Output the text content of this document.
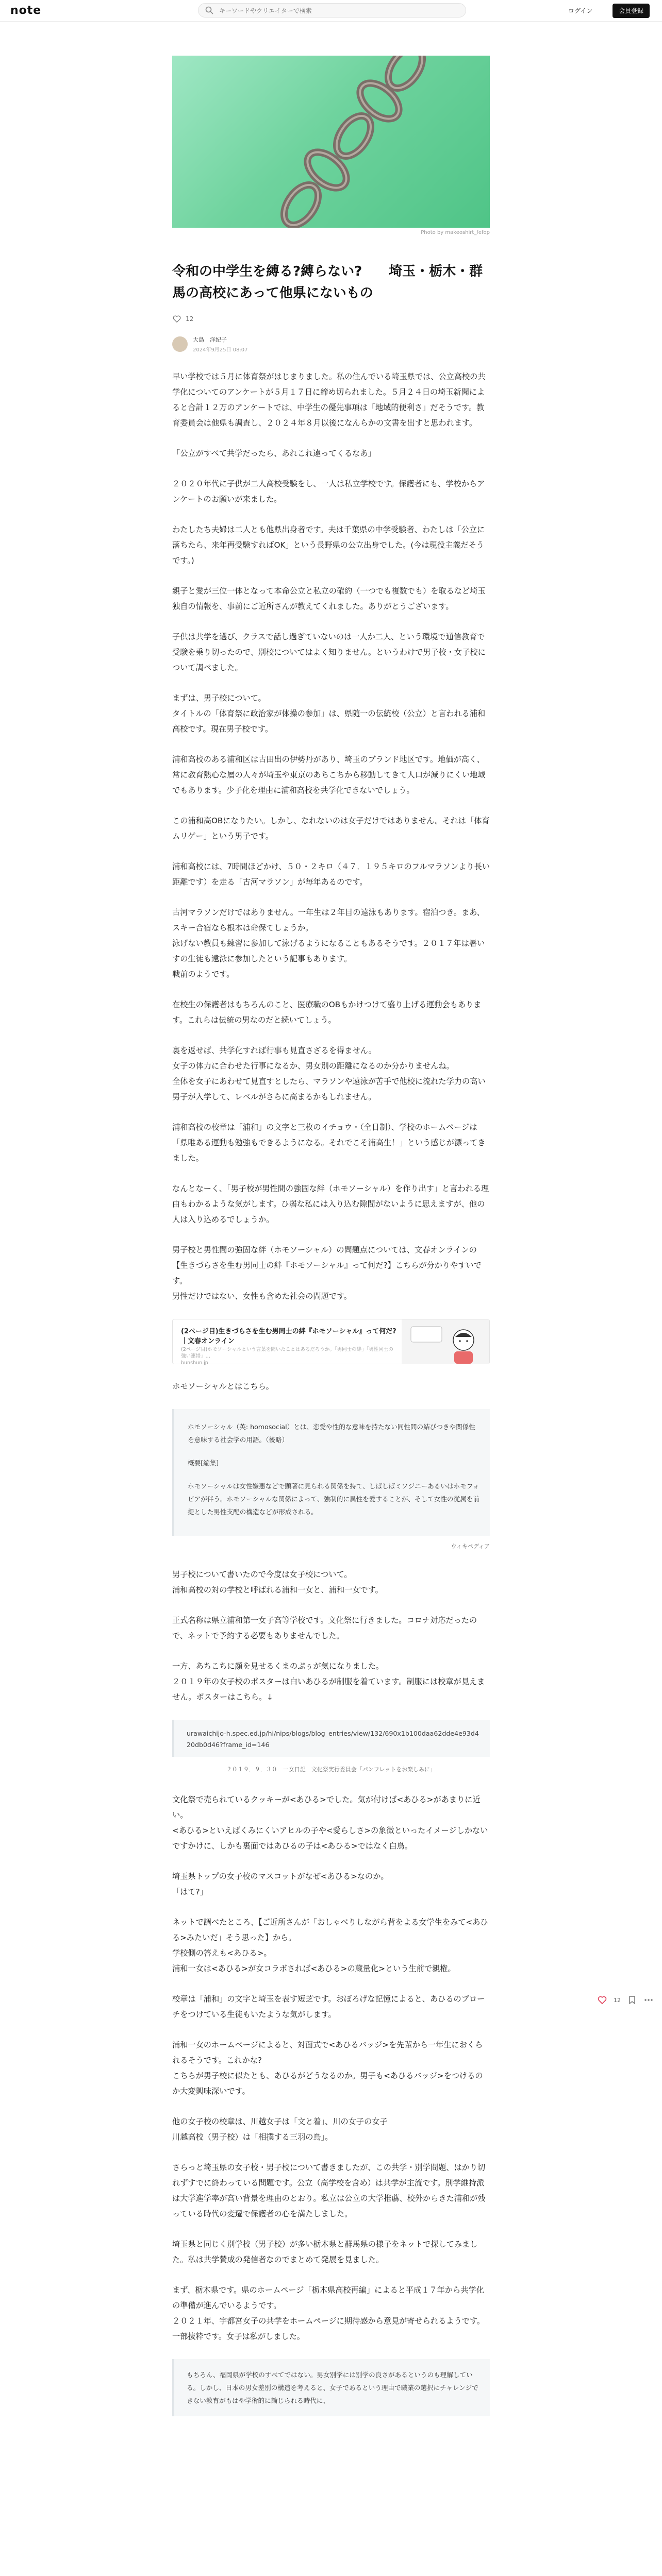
note
キーワードやクリエイターで検索	ログイン	会員登録
Photo by makeoshirt_fefop
令和の中学生を縛る?縛らない?　　埼玉・栃木・群馬の高校にあって他県にないもの
12
大島　洋紀子
2024年9月25日 08:07

早い学校では５月に体育祭がはじまりました。私の住んでいる埼玉県では、公立高校の共学化についてのアンケートが５月１７日に締め切られました。５月２４日の埼玉新聞によると合計１２万のアンケートでは、中学生の優先事項は「地域的便利さ」だそうです。教育委員会は他県も調査し、２０２４年８月以後になんらかの文書を出すと思われます。

「公立がすべて共学だったら、あれこれ違ってくるなあ」

２０２０年代に子供が二人高校受験をし、一人は私立学校です。保護者にも、学校からアンケートのお願いが来ました。

わたしたち夫婦は二人とも他県出身者です。夫は千葉県の中学受験者、わたしは「公立に落ちたら、来年再受験すればOK」という長野県の公立出身でした。(今は現役主義だそうです。)

親子と愛が三位一体となって本命公立と私立の確約（一つでも複数でも）を取るなど埼玉独自の情報を、事前にご近所さんが教えてくれました。ありがとうございます。

子供は共学を選び、クラスで話し過ぎていないのは一人か二人、という環境で通信教育で受験を乗り切ったので、別校についてはよく知りません。というわけで男子校・女子校について調べました。

まずは、男子校について。
タイトルの「体育祭に政治家が体操の参加」は、県随一の伝統校（公立）と言われる浦和高校です。現在男子校です。

浦和高校のある浦和区は古田出の伊勢丹があり、埼玉のブランド地区です。地価が高く、常に教育熱心な層の人々が埼玉や東京のあちこちから移動してきて人口が減りにくい地域でもあります。少子化を理由に浦和高校を共学化できないでしょう。

この浦和高OBになりたい。しかし、なれないのは女子だけではありません。それは「体育ムリゲー」という男子です。

浦和高校には、7時間ほどかけ、５０・２キロ（４７．１９５キロのフルマラソンより長い距離です）を走る「古河マラソン」が毎年あるのです。

古河マラソンだけではありません。一年生は２年目の遠泳もあります。宿泊つき。まあ、スキー合宿なら根本は命保てしょうか。
泳げない教員も練習に参加して泳げるようになることもあるそうです。２０１７年は暑いすの生徒も遠泳に参加したという記事もあります。
戦前のようです。

在校生の保護者はもちろんのこと、医療職のOBもかけつけて盛り上げる運動会もあります。これらは伝統の男なのだと続いてしょう。

裏を返せば、共学化すれば行事も見直さざるを得ません。
女子の体力に合わせた行事になるか、男女別の距離になるのか分かりませんね。
全体を女子にあわせて見直すとしたら、マラソンや遠泳が苦手で他校に流れた学力の高い男子が入学して、レベルがさらに高まるかもしれません。

浦和高校の校章は「浦和」の文字と三枚のイチョウ・（全日制）、学校のホームページは「県唯ある運動も勉強もできるようになる。それでこそ浦高生！」という感じが漂ってきました。

なんとなーく、「男子校が男性間の強固な絆（ホモソーシャル）を作り出す」と言われる理由もわかるような気がします。ひ弱な私には入り込む隙間がないように思えますが、他の人は入り込めるでしょうか。

男子校と男性間の強固な絆（ホモソーシャル）の問題点については、文春オンラインの【生きづらさを生む男同士の絆『ホモソーシャル』って何だ?】こちらが分かりやすいです。
男性だけではない、女性も含めた社会の問題です。

(2ページ目)生きづらさを生む男同士の絆『ホモソーシャル』って何だ?｜文春オンライン
(2ページ目)ホモソーシャルという言葉を聞いたことはあるだろうか。「男同士の絆」「男性同士の強い連帯」…
bunshun.jp

ホモソーシャルとはこちら。

ホモソーシャル（英: homosocial）とは、恋愛や性的な意味を持たない同性間の結びつきや関係性を意味する社会学の用語。（後略）

概要[編集]

ホモソーシャルは女性嫌悪などで顕著に見られる関係を持て、しばしばミソジニーあるいはホモフォビアが伴う。ホモソーシャルな関係によって、強制的に異性を愛することが、そして女性の従属を前提とした男性支配の構造などが形成される。

ウィキペディア

男子校について書いたので今度は女子校について。
浦和高校の対の学校と呼ばれる浦和一女と、浦和一女です。

正式名称は県立浦和第一女子高等学校です。文化祭に行きました。コロナ対応だったので、ネットで予約する必要もありませんでした。

一方、あちこちに顔を見せるくまのぷぅが気になりました。
２０１９年の女子校のポスターは白いあひるが制服を着ています。制服には校章が見えません。ポスターはこちら。↓

urawaichijo-h.spec.ed.jp/hi/nips/blogs/blog_entries/view/132/690x1b100daa62dde4e93d420db0d46?frame_id=146
２０１９．９．３０　一女日記　文化祭実行委員会「パンフレットをお楽しみに」

文化祭で売られているクッキーが<あひる>でした。気が付けば<あひる>があまりに近い。
<あひる>といえばくみにくいアヒルの子や<愛らしさ>の象徴といったイメージしかないですかけに、しかも裏面ではあひるの子は<あひる>ではなく白鳥。

埼玉県トップの女子校のマスコットがなぜ<あひる>なのか。
「はて?」

ネットで調べたところ、【ご近所さんが「おしゃべりしながら背をよる女学生をみて<あひる>みたいだ」そう思った】から。
学校側の答えも<あひる>。
浦和一女は<あひる>が女コラボされば<あひる>の蔵量化>という生前で親権。

校章は「浦和」の文字と埼玉を表す短芝です。おぼろげな記憶によると、あひるのブローチをつけている生徒もいたような気がします。

浦和一女のホームページによると、対面式で<あひるバッジ>を先輩から一年生におくられるそうです。これかな?
こちらが男子校に似たとも、あひるがどうなるのか。男子も<あひるバッジ>をつけるのか大変興味深いです。

他の女子校の校章は、川越女子は「文と着」、川の女子の女子
川越高校（男子校）は「相撲する三羽の鳥」。

さらっと埼玉県の女子校・男子校について書きましたが、この共学・別学問題、はかり切れずすでに終わっている問題です。公立（高学校を含め）は共学が主流です。別学維持派は大学進学率が高い背景を理由のとおり。私立は公立の大学推薦、校外からきた浦和が残っている時代の変遷で保護者の心を満たしました。

埼玉県と同じく別学校（男子校）が多い栃木県と群馬県の様子をネットで探してみました。私は共学賛成の発信者なのでまとめて発展を見ました。

まず、栃木県です。県のホームページ「栃木県高校再編」によると平成１７年から共学化の準備が進んでいるようです。
２０２１年、宇都宮女子の共学をホームページに期待感から意見が寄せられるようです。一部抜粋です。女子は私がしました。

もちろん、福岡県が学校のすべてではない。男女別学には別学の良さがあるというのも理解している。しかし、日本の男女差別の構造を考えると、女子であるという理由で職業の選択にチャレンジできない教育がもはや学術的に論じられる時代に、
12
